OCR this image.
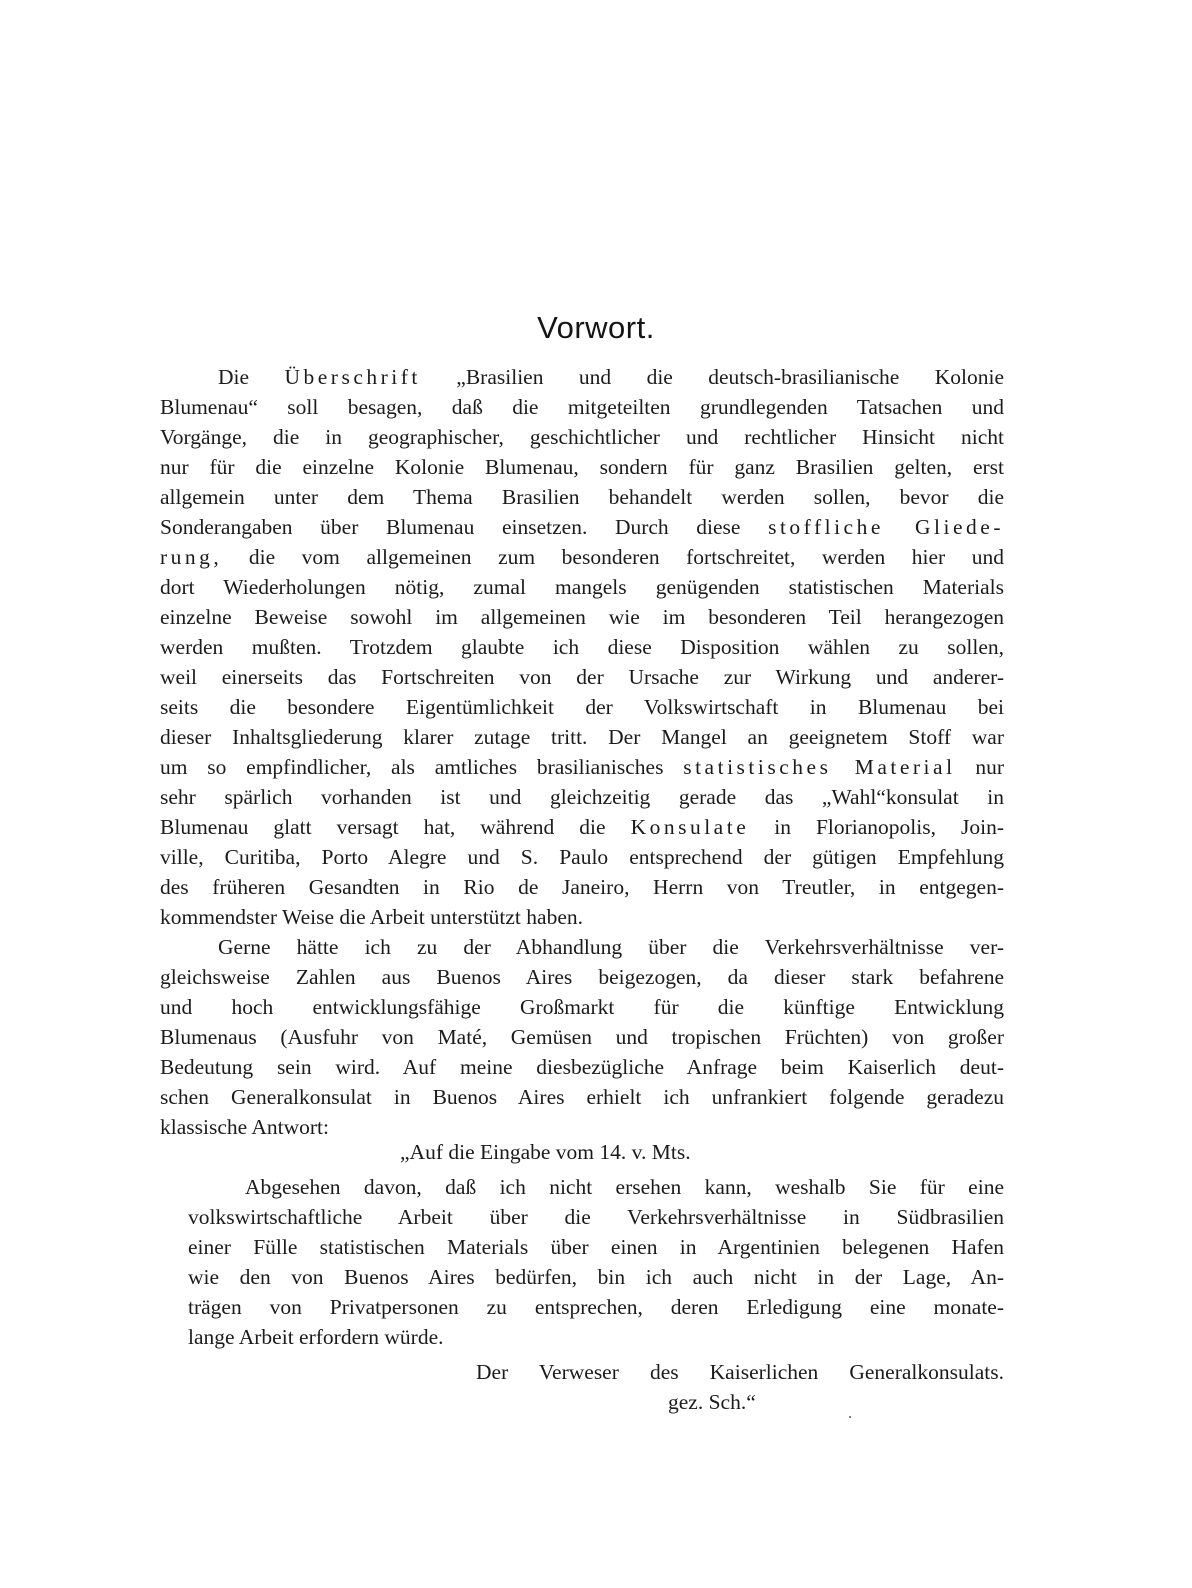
Vorwort.
Die Überschrift „Brasilien und die deutsch-brasilianische Kolonie
Blumenau“ soll besagen, daß die mitgeteilten grundlegenden Tatsachen und
Vorgänge, die in geographischer, geschichtlicher und rechtlicher Hinsicht nicht
nur für die einzelne Kolonie Blumenau, sondern für ganz Brasilien gelten, erst
allgemein unter dem Thema Brasilien behandelt werden sollen, bevor die
Sonderangaben über Blumenau einsetzen. Durch diese stoffliche Gliede-
rung, die vom allgemeinen zum besonderen fortschreitet, werden hier und
dort Wiederholungen nötig, zumal mangels genügenden statistischen Materials
einzelne Beweise sowohl im allgemeinen wie im besonderen Teil herangezogen
werden mußten. Trotzdem glaubte ich diese Disposition wählen zu sollen,
weil einerseits das Fortschreiten von der Ursache zur Wirkung und anderer-
seits die besondere Eigentümlichkeit der Volkswirtschaft in Blumenau bei
dieser Inhaltsgliederung klarer zutage tritt. Der Mangel an geeignetem Stoff war
um so empfindlicher, als amtliches brasilianisches statistisches Material nur
sehr spärlich vorhanden ist und gleichzeitig gerade das „Wahl“konsulat in
Blumenau glatt versagt hat, während die Konsulate in Florianopolis, Join-
ville, Curitiba, Porto Alegre und S. Paulo entsprechend der gütigen Empfehlung
des früheren Gesandten in Rio de Janeiro, Herrn von Treutler, in entgegen-
kommendster Weise die Arbeit unterstützt haben.
Gerne hätte ich zu der Abhandlung über die Verkehrsverhältnisse ver-
gleichsweise Zahlen aus Buenos Aires beigezogen, da dieser stark befahrene
und hoch entwicklungsfähige Großmarkt für die künftige Entwicklung
Blumenaus (Ausfuhr von Maté, Gemüsen und tropischen Früchten) von großer
Bedeutung sein wird. Auf meine diesbezügliche Anfrage beim Kaiserlich deut-
schen Generalkonsulat in Buenos Aires erhielt ich unfrankiert folgende geradezu
klassische Antwort:
Abgesehen davon, daß ich nicht ersehen kann, weshalb Sie für eine
volkswirtschaftliche Arbeit über die Verkehrsverhältnisse in Südbrasilien
einer Fülle statistischen Materials über einen in Argentinien belegenen Hafen
wie den von Buenos Aires bedürfen, bin ich auch nicht in der Lage, An-
trägen von Privatpersonen zu entsprechen, deren Erledigung eine monate-
lange Arbeit erfordern würde.
„Auf die Eingabe vom 14. v. Mts.
Der Verweser des Kaiserlichen Generalkonsulats.
gez. Sch.“
